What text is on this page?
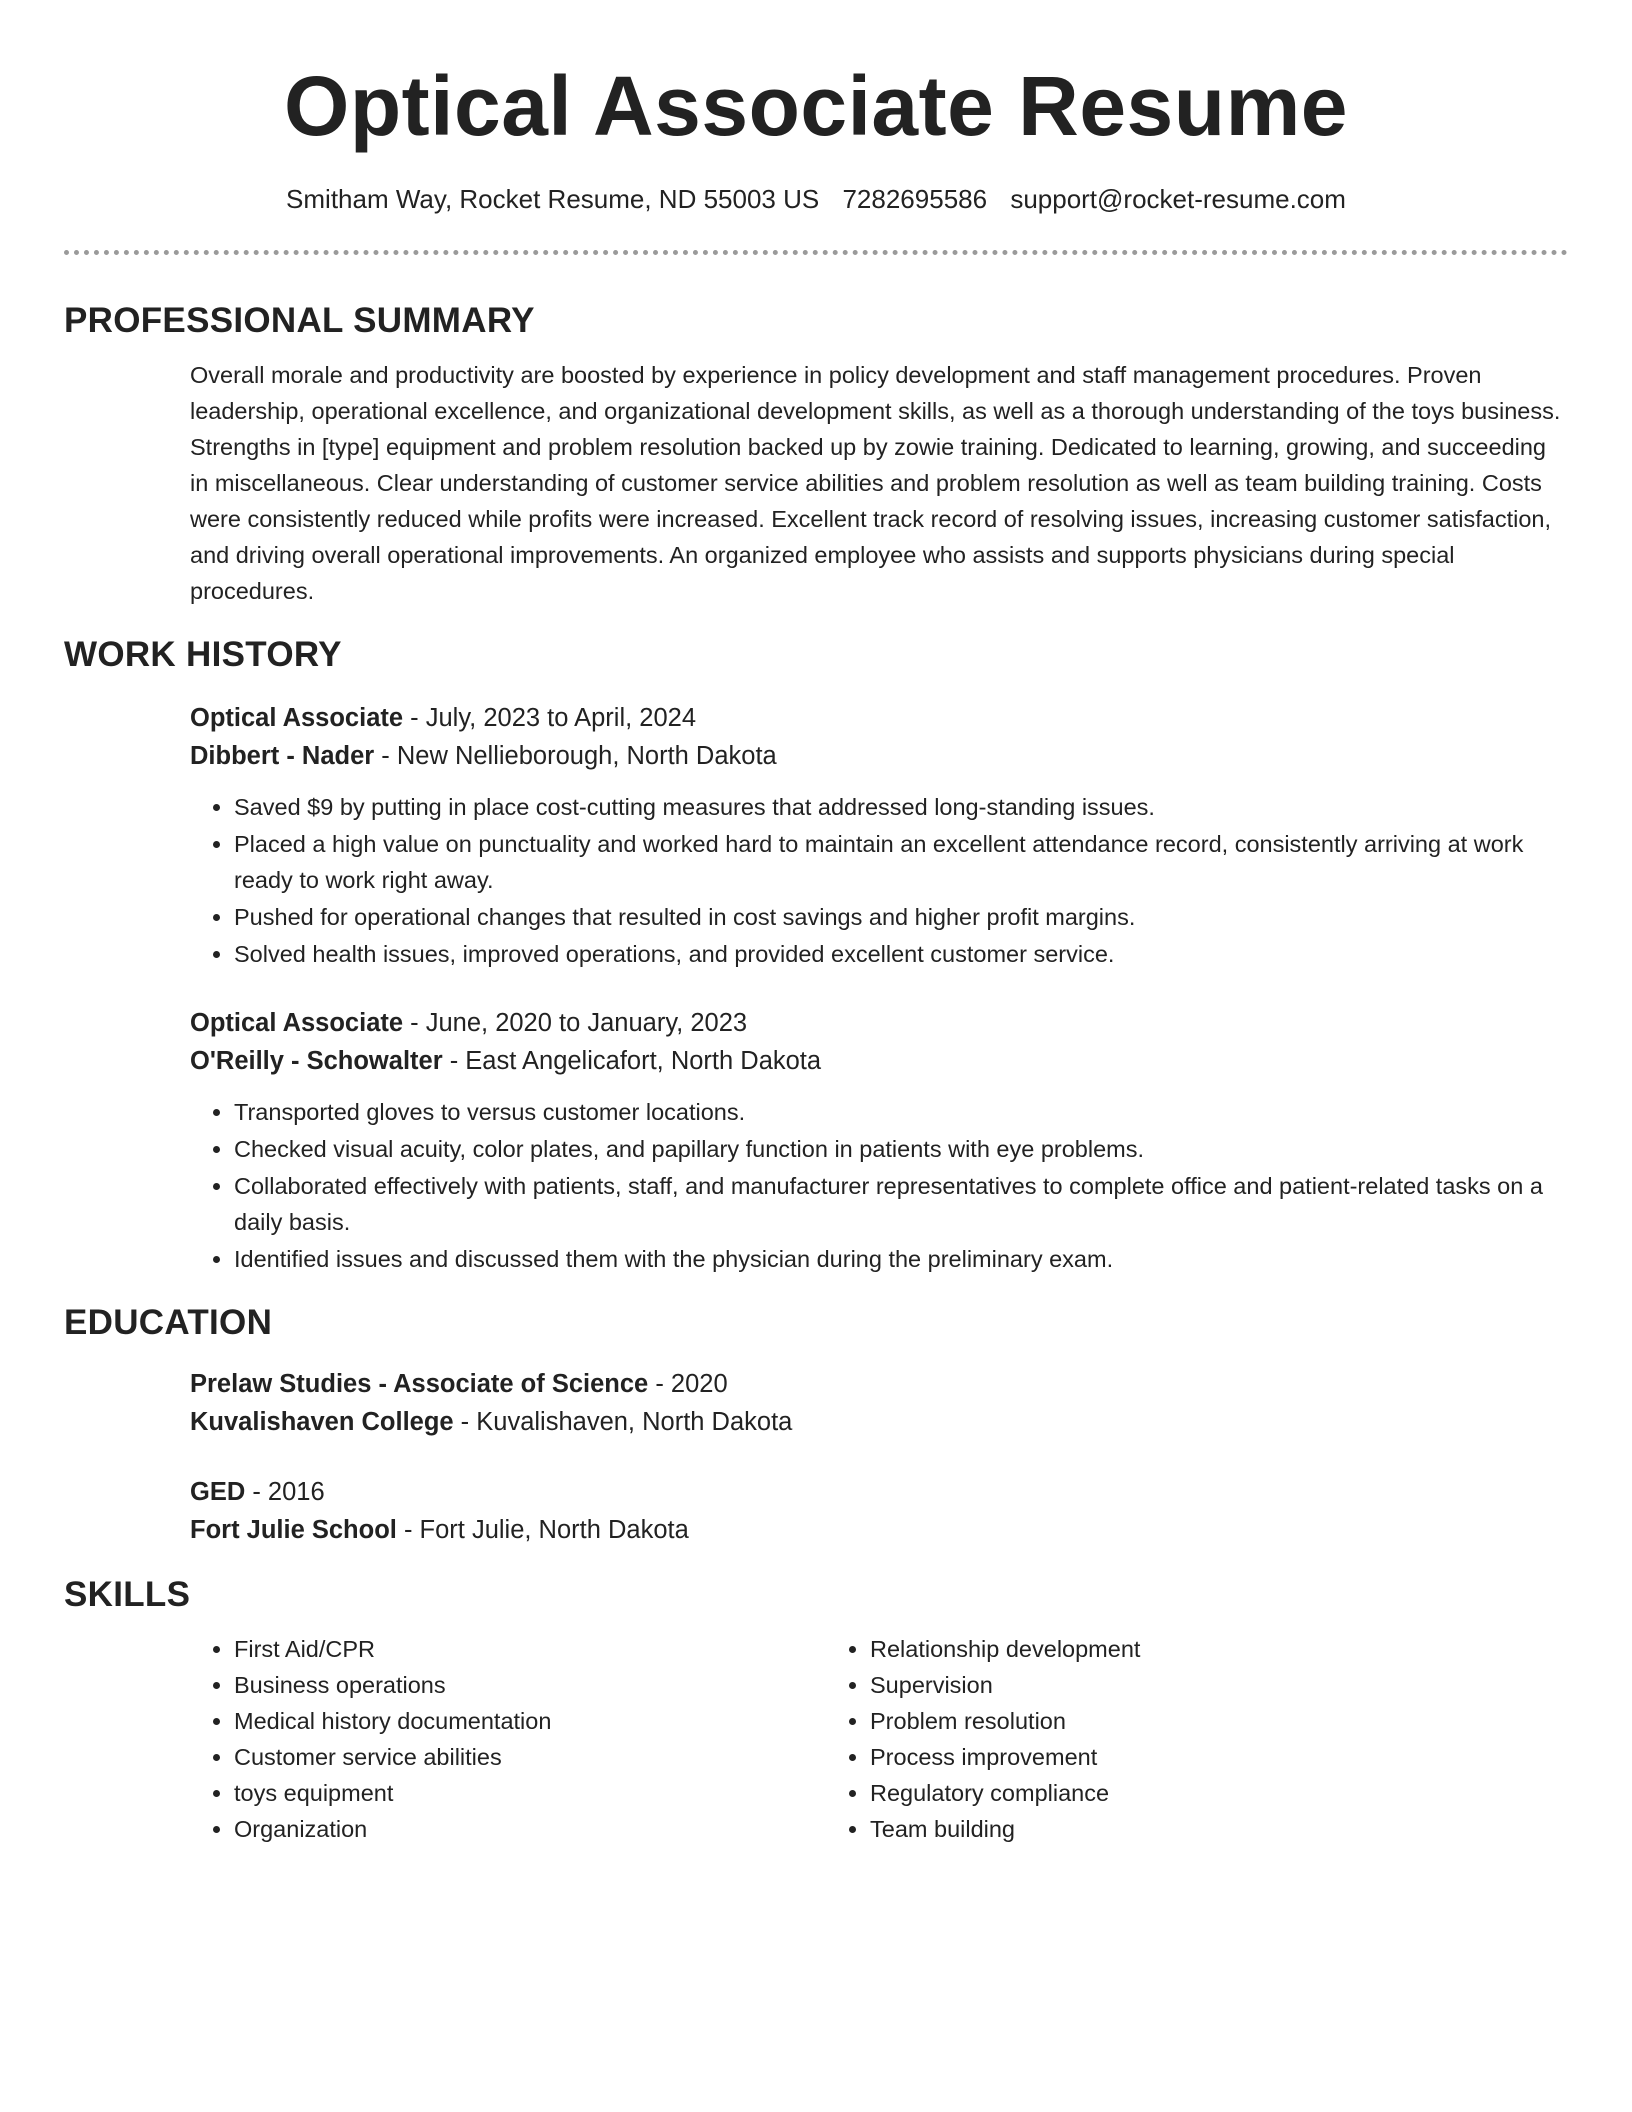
Optical Associate Resume
Smitham Way, Rocket Resume, ND 55003 US 7282695586 support@rocket-resume.com
PROFESSIONAL SUMMARY
Overall morale and productivity are boosted by experience in policy development and staff management procedures. Proven leadership, operational excellence, and organizational development skills, as well as a thorough understanding of the toys business. Strengths in [type] equipment and problem resolution backed up by zowie training. Dedicated to learning, growing, and succeeding in miscellaneous. Clear understanding of customer service abilities and problem resolution as well as team building training. Costs were consistently reduced while profits were increased. Excellent track record of resolving issues, increasing customer satisfaction, and driving overall operational improvements. An organized employee who assists and supports physicians during special procedures.
WORK HISTORY

Optical Associate - July, 2023 to April, 2024

Dibbert - Nader - New Nellieborough, North Dakota

• Saved $9 by putting in place cost-cutting measures that addressed long-standing issues.
• Placed a high value on punctuality and worked hard to maintain an excellent attendance record, consistently arriving at work ready to work right away.
• Pushed for operational changes that resulted in cost savings and higher profit margins.
• Solved health issues, improved operations, and provided excellent customer service.

Optical Associate - June, 2020 to January, 2023

O'Reilly - Schowalter - East Angelicafort, North Dakota

• Transported gloves to versus customer locations.
• Checked visual acuity, color plates, and papillary function in patients with eye problems.
• Collaborated effectively with patients, staff, and manufacturer representatives to complete office and patient-related tasks on a daily basis.
• Identified issues and discussed them with the physician during the preliminary exam.
EDUCATION

Prelaw Studies - Associate of Science - 2020

Kuvalishaven College - Kuvalishaven, North Dakota

GED - 2016

Fort Julie School - Fort Julie, North Dakota

SKILLS
• First Aid/CPR
• Business operations
• Medical history documentation
• Customer service abilities
• toys equipment
• Organization
• Relationship development
• Supervision
• Problem resolution
• Process improvement
• Regulatory compliance
• Team building
